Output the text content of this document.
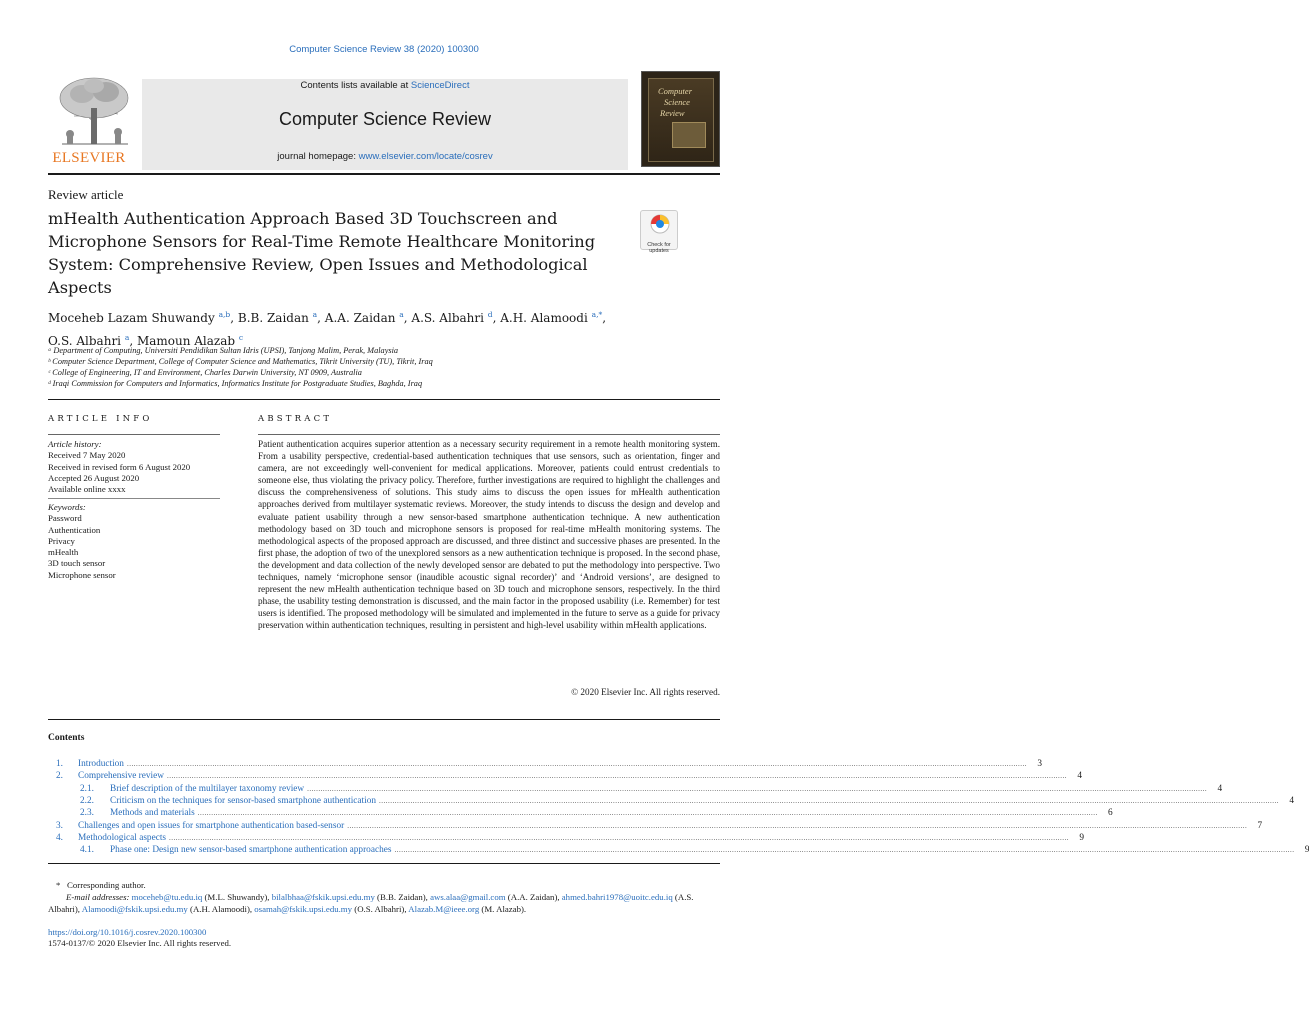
Computer Science Review 38 (2020) 100300
ELSEVIER
Contents lists available at ScienceDirect
Computer Science Review
journal homepage: www.elsevier.com/locate/cosrev
Computer
Science
Review
Review article
mHealth Authentication Approach Based 3D Touchscreen and Microphone Sensors for Real-Time Remote Healthcare Monitoring System: Comprehensive Review, Open Issues and Methodological Aspects
Check for updates
Moceheb Lazam Shuwandy $^{a,b}$, B.B. Zaidan $^a$, A.A. Zaidan $^a$, A.S. Albahri $^d$, A.H. Alamoodi $^{a,*}$,
O.S. Albahri $^a$, Mamoun Alazab $^c$
ᵃ Department of Computing, Universiti Pendidikan Sultan Idris (UPSI), Tanjong Malim, Perak, Malaysia
ᵇ Computer Science Department, College of Computer Science and Mathematics, Tikrit University (TU), Tikrit, Iraq
ᶜ College of Engineering, IT and Environment, Charles Darwin University, NT 0909, Australia
ᵈ Iraqi Commission for Computers and Informatics, Informatics Institute for Postgraduate Studies, Baghda, Iraq
ARTICLE INFO	ABSTRACT
Article history:
Received 7 May 2020
Received in revised form 6 August 2020
Accepted 26 August 2020
Available online xxxx
Keywords:
Password
Authentication
Privacy
mHealth
3D touch sensor
Microphone sensor
Patient authentication acquires superior attention as a necessary security requirement in a remote health monitoring system. From a usability perspective, credential-based authentication techniques that use sensors, such as orientation, finger and camera, are not exceedingly well-convenient for medical applications. Moreover, patients could entrust credentials to someone else, thus violating the privacy policy. Therefore, further investigations are required to highlight the challenges and discuss the comprehensiveness of solutions. This study aims to discuss the open issues for mHealth authentication approaches derived from multilayer systematic reviews. Moreover, the study intends to discuss the design and develop and evaluate patient usability through a new sensor-based smartphone authentication technique. A new authentication methodology based on 3D touch and microphone sensors is proposed for real-time mHealth monitoring systems. The methodological aspects of the proposed approach are discussed, and three distinct and successive phases are presented. In the first phase, the adoption of two of the unexplored sensors as a new authentication technique is proposed. In the second phase, the development and data collection of the newly developed sensor are debated to put the methodology into perspective. Two techniques, namely ‘microphone sensor (inaudible acoustic signal recorder)’ and ‘Android versions’, are designed to represent the new mHealth authentication technique based on 3D touch and microphone sensors, respectively. In the third phase, the usability testing demonstration is discussed, and the main factor in the proposed usability (i.e. Remember) for test users is identified. The proposed methodology will be simulated and implemented in the future to serve as a guide for privacy preservation within authentication techniques, resulting in persistent and high-level usability within mHealth applications.
© 2020 Elsevier Inc. All rights reserved.
Contents
1.	Introduction ................................................................................................................................................................................................................................................................................................................................................................................................................	3
2.	Comprehensive review ................................................................................................................................................................................................................................................................................................................................................................................................................	4
2.1.	Brief description of the multilayer taxonomy review ................................................................................................................................................................................................................................................................................................................................................................................................................	4
2.2.	Criticism on the techniques for sensor-based smartphone authentication ................................................................................................................................................................................................................................................................................................................................................................................................................	4
2.3.	Methods and materials ................................................................................................................................................................................................................................................................................................................................................................................................................	6
3.	Challenges and open issues for smartphone authentication based-sensor ................................................................................................................................................................................................................................................................................................................................................................................................................	7
4.	Methodological aspects ................................................................................................................................................................................................................................................................................................................................................................................................................	9
4.1.	Phase one: Design new sensor-based smartphone authentication approaches ................................................................................................................................................................................................................................................................................................................................................................................................................	9
* Corresponding author.
E-mail addresses: moceheb@tu.edu.iq (M.L. Shuwandy), bilalbhaa@fskik.upsi.edu.my (B.B. Zaidan), aws.alaa@gmail.com (A.A. Zaidan), ahmed.bahri1978@uoitc.edu.iq (A.S. Albahri), Alamoodi@fskik.upsi.edu.my (A.H. Alamoodi), osamah@fskik.upsi.edu.my (O.S. Albahri), Alazab.M@ieee.org (M. Alazab).
https://doi.org/10.1016/j.cosrev.2020.100300
1574-0137/© 2020 Elsevier Inc. All rights reserved.
